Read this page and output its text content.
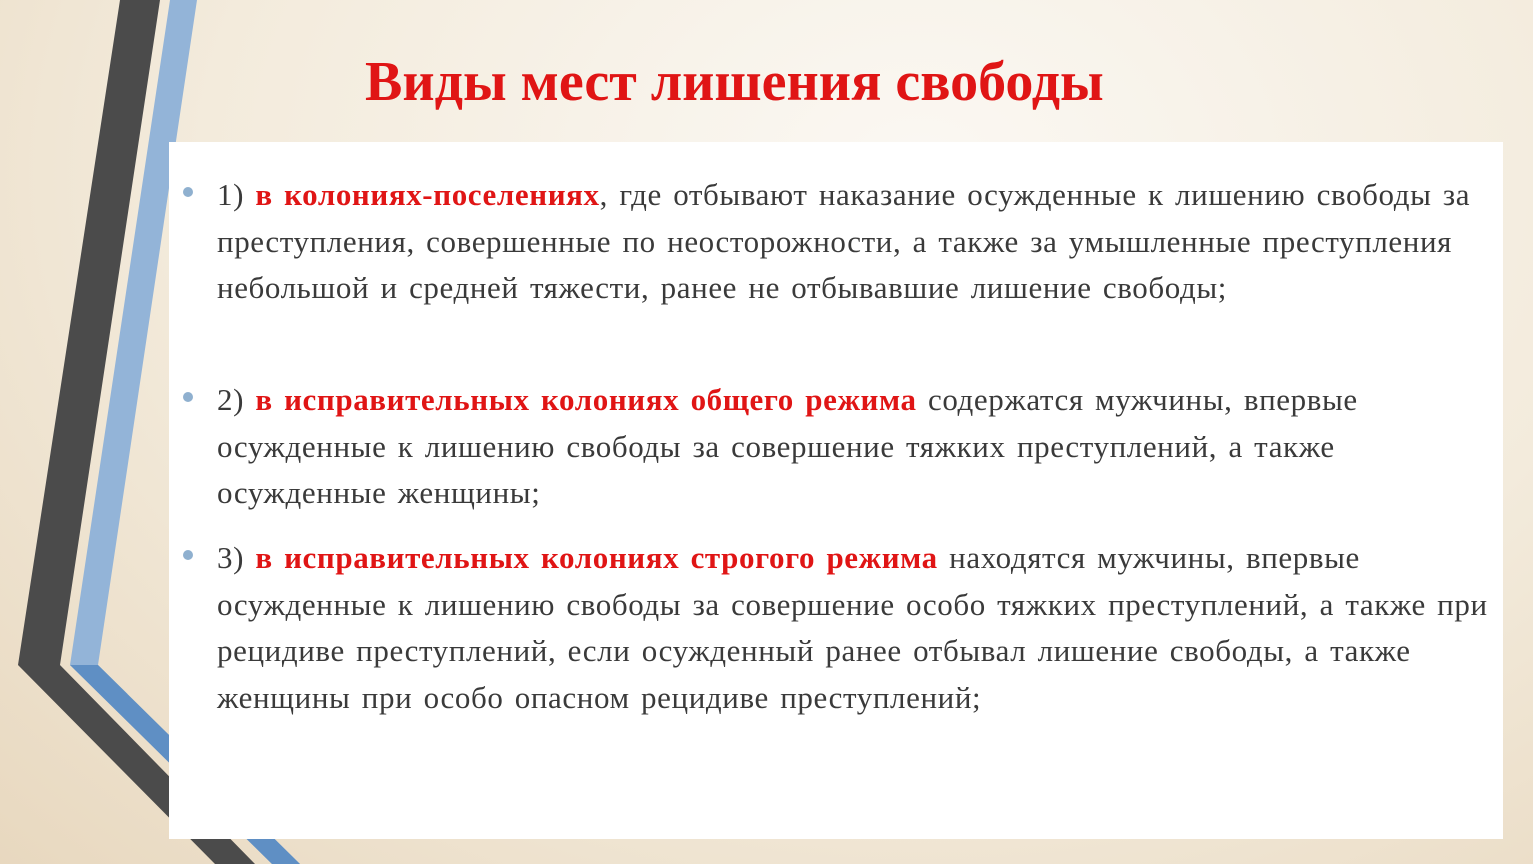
Виды мест лишения свободы
1) в колониях-поселениях, где отбывают наказание осужденные к лишению свободы за преступления, совершенные по неосторожности, а также за умышленные преступления небольшой и средней тяжести, ранее не отбывавшие лишение свободы;
2) в исправительных колониях общего режима содержатся мужчины, впервые осужденные к лишению свободы за совершение тяжких преступлений, а также осужденные женщины;
3) в исправительных колониях строгого режима находятся мужчины, впервые осужденные к лишению свободы за совершение особо тяжких преступлений, а также при рецидиве преступлений, если осужденный ранее отбывал лишение свободы, а также женщины при особо опасном рецидиве преступлений;
